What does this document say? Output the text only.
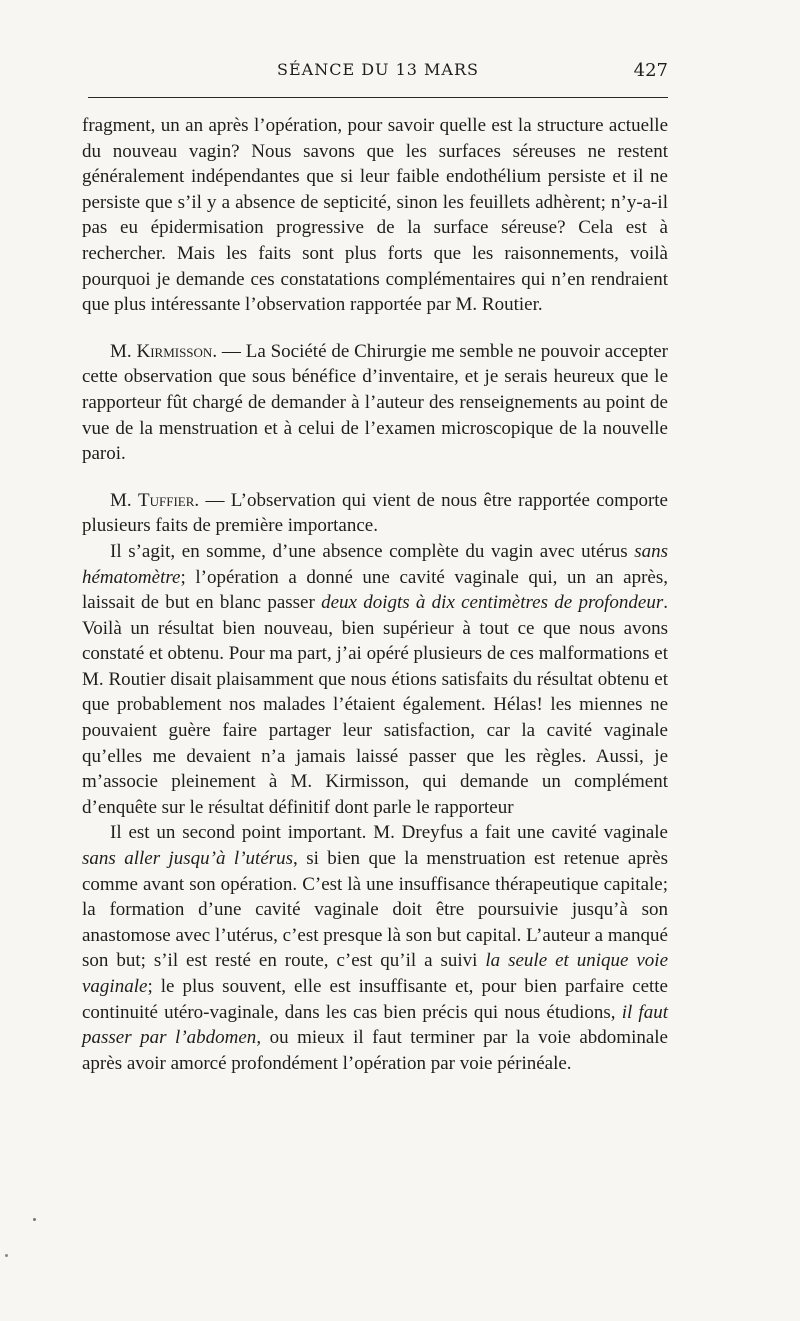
SÉANCE DU 13 MARS	427

fragment, un an après l’opération, pour savoir quelle est la structure actuelle du nouveau vagin? Nous savons que les surfaces séreuses ne restent généralement indépendantes que si leur faible endothélium persiste et il ne persiste que s’il y a absence de septicité, sinon les feuillets adhèrent; n’y-a-il pas eu épidermisation progressive de la surface séreuse? Cela est à rechercher. Mais les faits sont plus forts que les raisonnements, voilà pourquoi je demande ces constatations complémentaires qui n’en rendraient que plus intéressante l’observation rapportée par M. Routier.

M. Kirmisson. — La Société de Chirurgie me semble ne pouvoir accepter cette observation que sous bénéfice d’inventaire, et je serais heureux que le rapporteur fût chargé de demander à l’auteur des renseignements au point de vue de la menstruation et à celui de l’examen microscopique de la nouvelle paroi.

M. Tuffier. — L’observation qui vient de nous être rapportée comporte plusieurs faits de première importance.

Il s’agit, en somme, d’une absence complète du vagin avec utérus sans hématomètre; l’opération a donné une cavité vaginale qui, un an après, laissait de but en blanc passer deux doigts à dix centimètres de profondeur. Voilà un résultat bien nouveau, bien supérieur à tout ce que nous avons constaté et obtenu. Pour ma part, j’ai opéré plusieurs de ces malformations et M. Routier disait plaisamment que nous étions satisfaits du résultat obtenu et que probablement nos malades l’étaient également. Hélas! les miennes ne pouvaient guère faire partager leur satisfaction, car la cavité vaginale qu’elles me devaient n’a jamais laissé passer que les règles. Aussi, je m’associe pleinement à M. Kirmisson, qui demande un complément d’enquête sur le résultat définitif dont parle le rapporteur

Il est un second point important. M. Dreyfus a fait une cavité vaginale sans aller jusqu’à l’utérus, si bien que la menstruation est retenue après comme avant son opération. C’est là une insuffisance thérapeutique capitale; la formation d’une cavité vaginale doit être poursuivie jusqu’à son anastomose avec l’utérus, c’est presque là son but capital. L’auteur a manqué son but; s’il est resté en route, c’est qu’il a suivi la seule et unique voie vaginale; le plus souvent, elle est insuffisante et, pour bien parfaire cette continuité utéro-vaginale, dans les cas bien précis qui nous étudions, il faut passer par l’abdomen, ou mieux il faut terminer par la voie abdominale après avoir amorcé profondément l’opération par voie périnéale.
